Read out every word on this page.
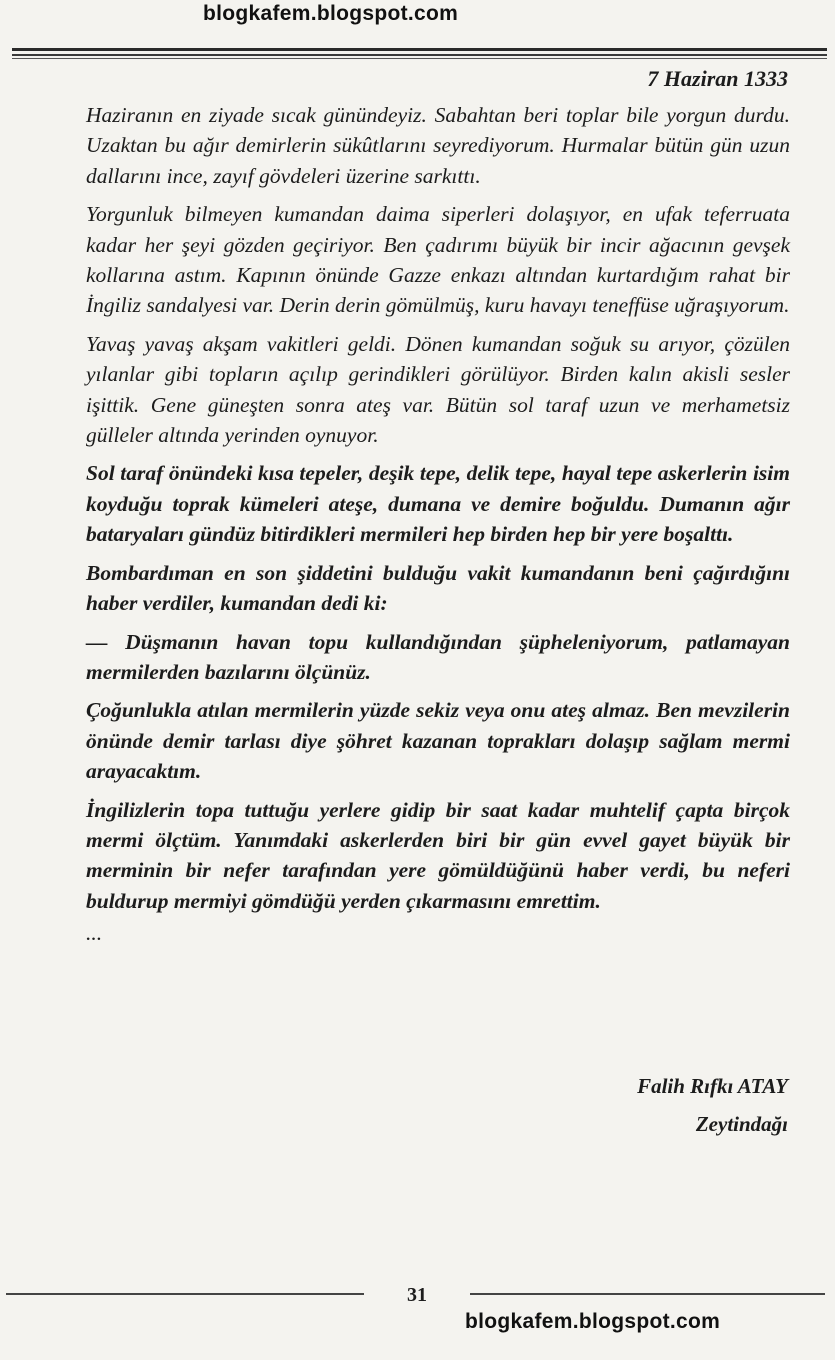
blogkafem.blogspot.com
7 Haziran 1333

Haziranın en ziyade sıcak günündeyiz. Sabahtan beri toplar bile yorgun durdu. Uzaktan bu ağır demirlerin sükûtlarını seyrediyorum. Hurmalar bütün gün uzun dallarını ince, zayıf gövdeleri üzerine sarkıttı.

Yorgunluk bilmeyen kumandan daima siperleri dolaşıyor, en ufak teferruata kadar her şeyi gözden geçiriyor. Ben çadırımı büyük bir incir ağacının gevşek kollarına astım. Kapının önünde Gazze enkazı altından kurtardığım rahat bir İngiliz sandalyesi var. Derin derin gömülmüş, kuru havayı teneffüse uğraşıyorum.

Yavaş yavaş akşam vakitleri geldi. Dönen kumandan soğuk su arıyor, çözülen yılanlar gibi topların açılıp gerindikleri görülüyor. Birden kalın akisli sesler işittik. Gene güneşten sonra ateş var. Bütün sol taraf uzun ve merhametsiz gülleler altında yerinden oynuyor.

Sol taraf önündeki kısa tepeler, deşik tepe, delik tepe, hayal tepe askerlerin isim koyduğu toprak kümeleri ateşe, dumana ve demire boğuldu. Dumanın ağır bataryaları gündüz bitirdikleri mermileri hep birden hep bir yere boşalttı.

Bombardıman en son şiddetini bulduğu vakit kumandanın beni çağırdığını haber verdiler, kumandan dedi ki:

— Düşmanın havan topu kullandığından şüpheleniyorum, patlamayan mermilerden bazılarını ölçünüz.

Çoğunlukla atılan mermilerin yüzde sekiz veya onu ateş almaz. Ben mevzilerin önünde demir tarlası diye şöhret kazanan toprakları dolaşıp sağlam mermi arayacaktım.

İngilizlerin topa tuttuğu yerlere gidip bir saat kadar muhtelif çapta birçok mermi ölçtüm. Yanımdaki askerlerden biri bir gün evvel gayet büyük bir merminin bir nefer tarafından yere gömüldüğünü haber verdi, bu neferi buldurup mermiyi gömdüğü yerden çıkarmasını emrettim.

...

Falih Rıfkı ATAY
Zeytindağı
31
blogkafem.blogspot.com
